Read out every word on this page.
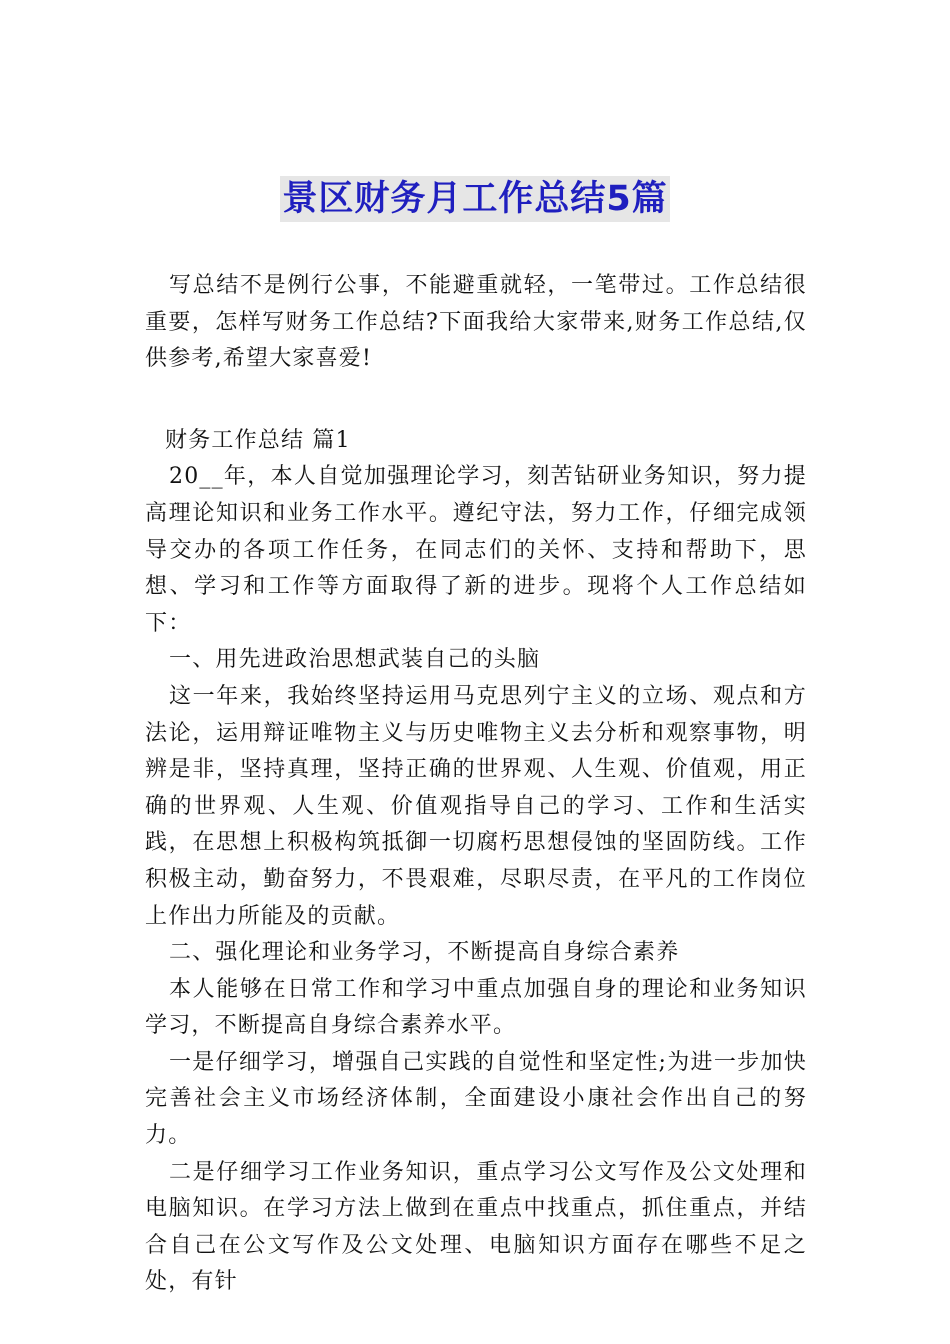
景区财务月工作总结5篇

写总结不是例行公事，不能避重就轻，一笔带过。工作总结很重要，怎样写财务工作总结?下面我给大家带来,财务工作总结,仅供参考,希望大家喜爱!

财务工作总结 篇1

20__年，本人自觉加强理论学习，刻苦钻研业务知识，努力提高理论知识和业务工作水平。遵纪守法，努力工作，仔细完成领导交办的各项工作任务，在同志们的关怀、支持和帮助下，思想、学习和工作等方面取得了新的进步。现将个人工作总结如下：

一、用先进政治思想武装自己的头脑

这一年来，我始终坚持运用马克思列宁主义的立场、观点和方法论，运用辩证唯物主义与历史唯物主义去分析和观察事物，明辨是非，坚持真理，坚持正确的世界观、人生观、价值观，用正确的世界观、人生观、价值观指导自己的学习、工作和生活实践，在思想上积极构筑抵御一切腐朽思想侵蚀的坚固防线。工作积极主动，勤奋努力，不畏艰难，尽职尽责，在平凡的工作岗位上作出力所能及的贡献。

二、强化理论和业务学习，不断提高自身综合素养

本人能够在日常工作和学习中重点加强自身的理论和业务知识学习，不断提高自身综合素养水平。

一是仔细学习，增强自己实践的自觉性和坚定性;为进一步加快完善社会主义市场经济体制，全面建设小康社会作出自己的努力。

二是仔细学习工作业务知识，重点学习公文写作及公文处理和电脑知识。在学习方法上做到在重点中找重点，抓住重点，并结合自己在公文写作及公文处理、电脑知识方面存在哪些不足之处，有针
